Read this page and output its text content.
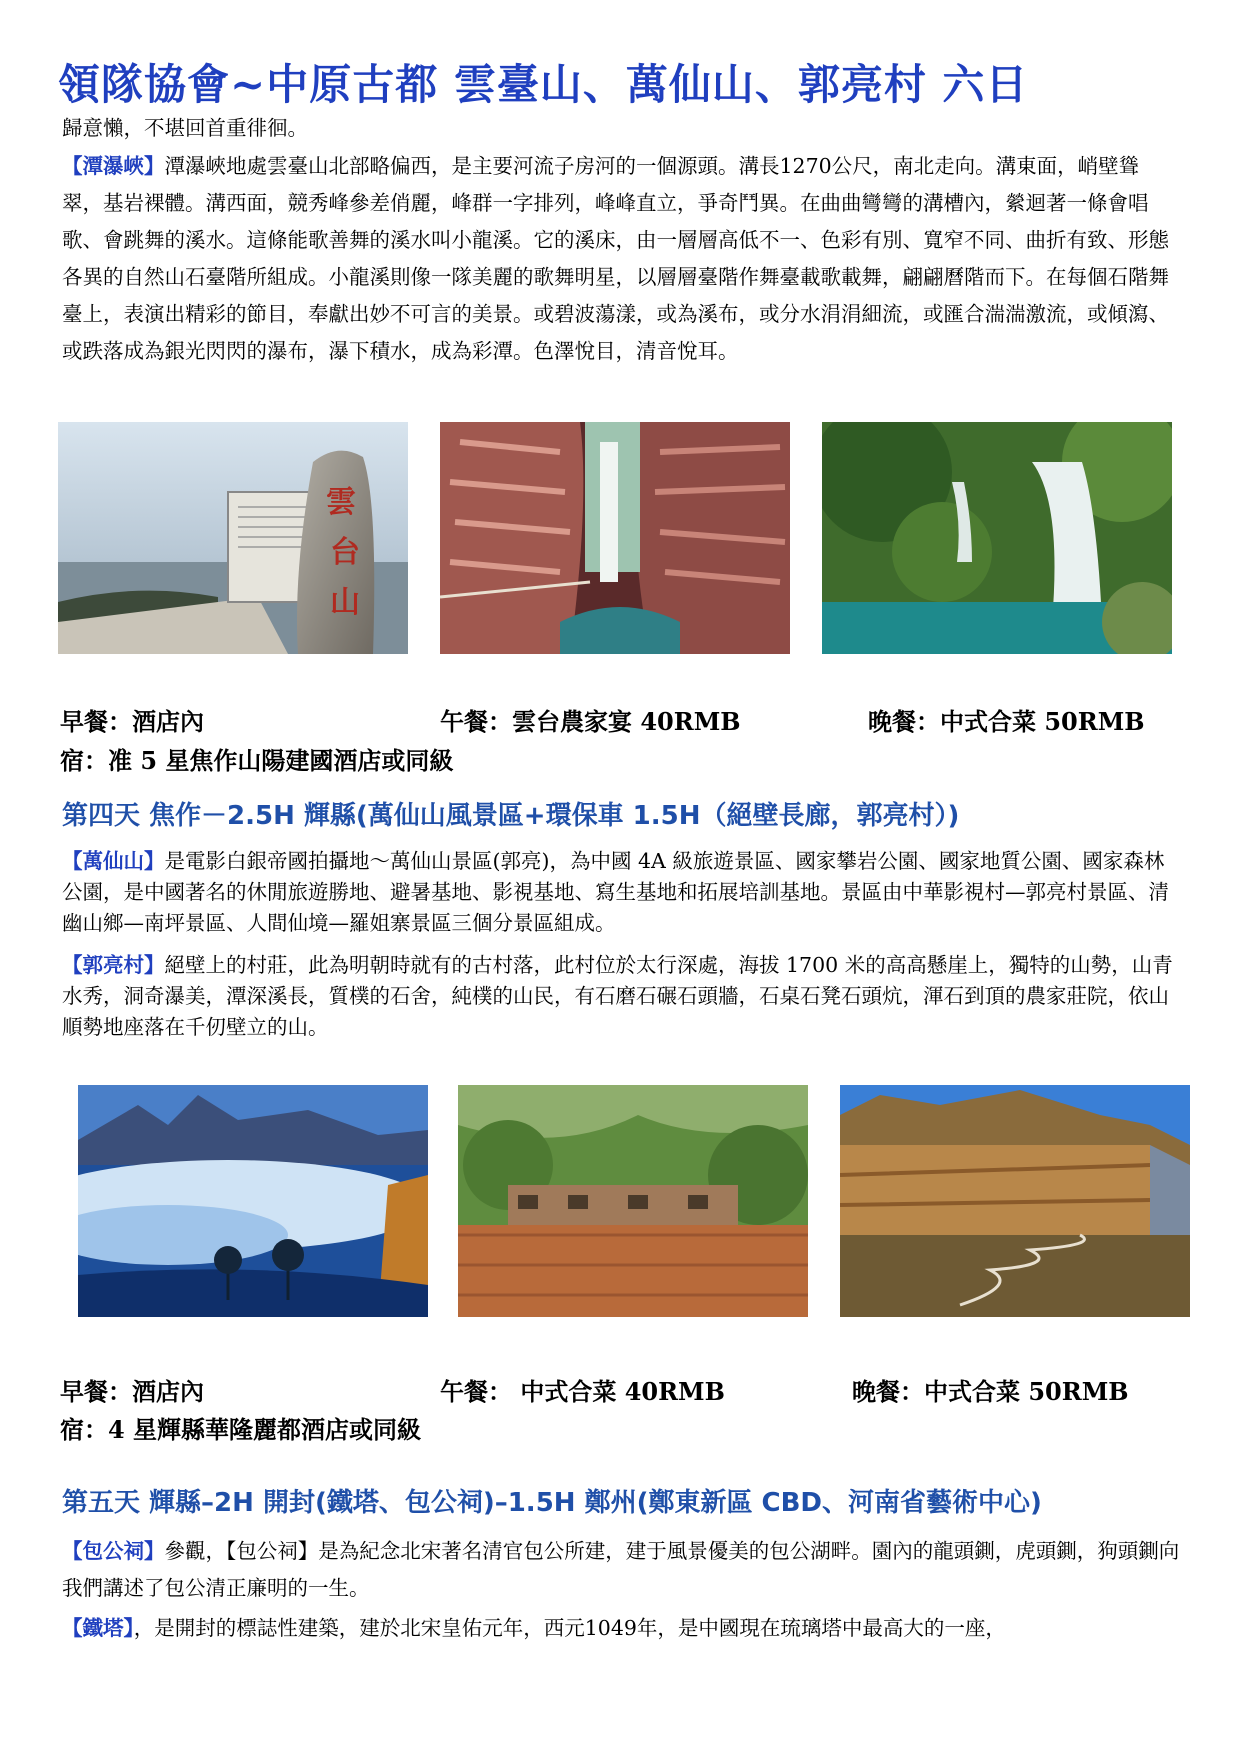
領隊協會~中原古都 雲臺山、萬仙山、郭亮村 六日

歸意懶，不堪回首重徘徊。

【潭瀑峽】潭瀑峽地處雲臺山北部略偏西，是主要河流子房河的一個源頭。溝長1270公尺，南北走向。溝東面，峭壁聳翠，基岩裸體。溝西面，競秀峰參差俏麗，峰群一字排列，峰峰直立，爭奇鬥異。在曲曲彎彎的溝槽內，縈迴著一條會唱歌、會跳舞的溪水。這條能歌善舞的溪水叫小龍溪。它的溪床，由一層層高低不一、色彩有別、寬窄不同、曲折有致、形態各異的自然山石臺階所組成。小龍溪則像一隊美麗的歌舞明星，以層層臺階作舞臺載歌載舞，翩翩曆階而下。在每個石階舞臺上，表演出精彩的節目，奉獻出妙不可言的美景。或碧波蕩漾，或為溪布，或分水涓涓細流，或匯合湍湍激流，或傾瀉、或跌落成為銀光閃閃的瀑布，瀑下積水，成為彩潭。色澤悅目，清音悅耳。

雲
台
山
早餐：酒店內	午餐：雲台農家宴 40RMB	晚餐：中式合菜 50RMB
宿：准 5 星焦作山陽建國酒店或同級
第四天 焦作－2.5H 輝縣(萬仙山風景區+環保車 1.5H（絕壁長廊，郭亮村）)

【萬仙山】是電影白銀帝國拍攝地～萬仙山景區(郭亮)，為中國 4A 級旅遊景區、國家攀岩公園、國家地質公園、國家森林公園，是中國著名的休閒旅遊勝地、避暑基地、影視基地、寫生基地和拓展培訓基地。景區由中華影視村—郭亮村景區、清幽山鄉—南坪景區、人間仙境—羅姐寨景區三個分景區組成。

【郭亮村】絕壁上的村莊，此為明朝時就有的古村落，此村位於太行深處，海拔 1700 米的高高懸崖上，獨特的山勢，山青水秀，洞奇瀑美，潭深溪長，質樸的石舍，純樸的山民，有石磨石碾石頭牆，石桌石凳石頭炕，渾石到頂的農家莊院，依山順勢地座落在千仞壁立的山。

早餐：酒店內	午餐： 中式合菜 40RMB	晚餐：中式合菜 50RMB
宿：4 星輝縣華隆麗都酒店或同級
第五天 輝縣–2H 開封(鐵塔、包公祠)–1.5H 鄭州(鄭東新區 CBD、河南省藝術中心)

【包公祠】參觀，【包公祠】是為紀念北宋著名清官包公所建，建于風景優美的包公湖畔。園內的龍頭鍘，虎頭鍘，狗頭鍘向我們講述了包公清正廉明的一生。

【鐵塔】，是開封的標誌性建築，建於北宋皇佑元年，西元1049年，是中國現在琉璃塔中最高大的一座，
